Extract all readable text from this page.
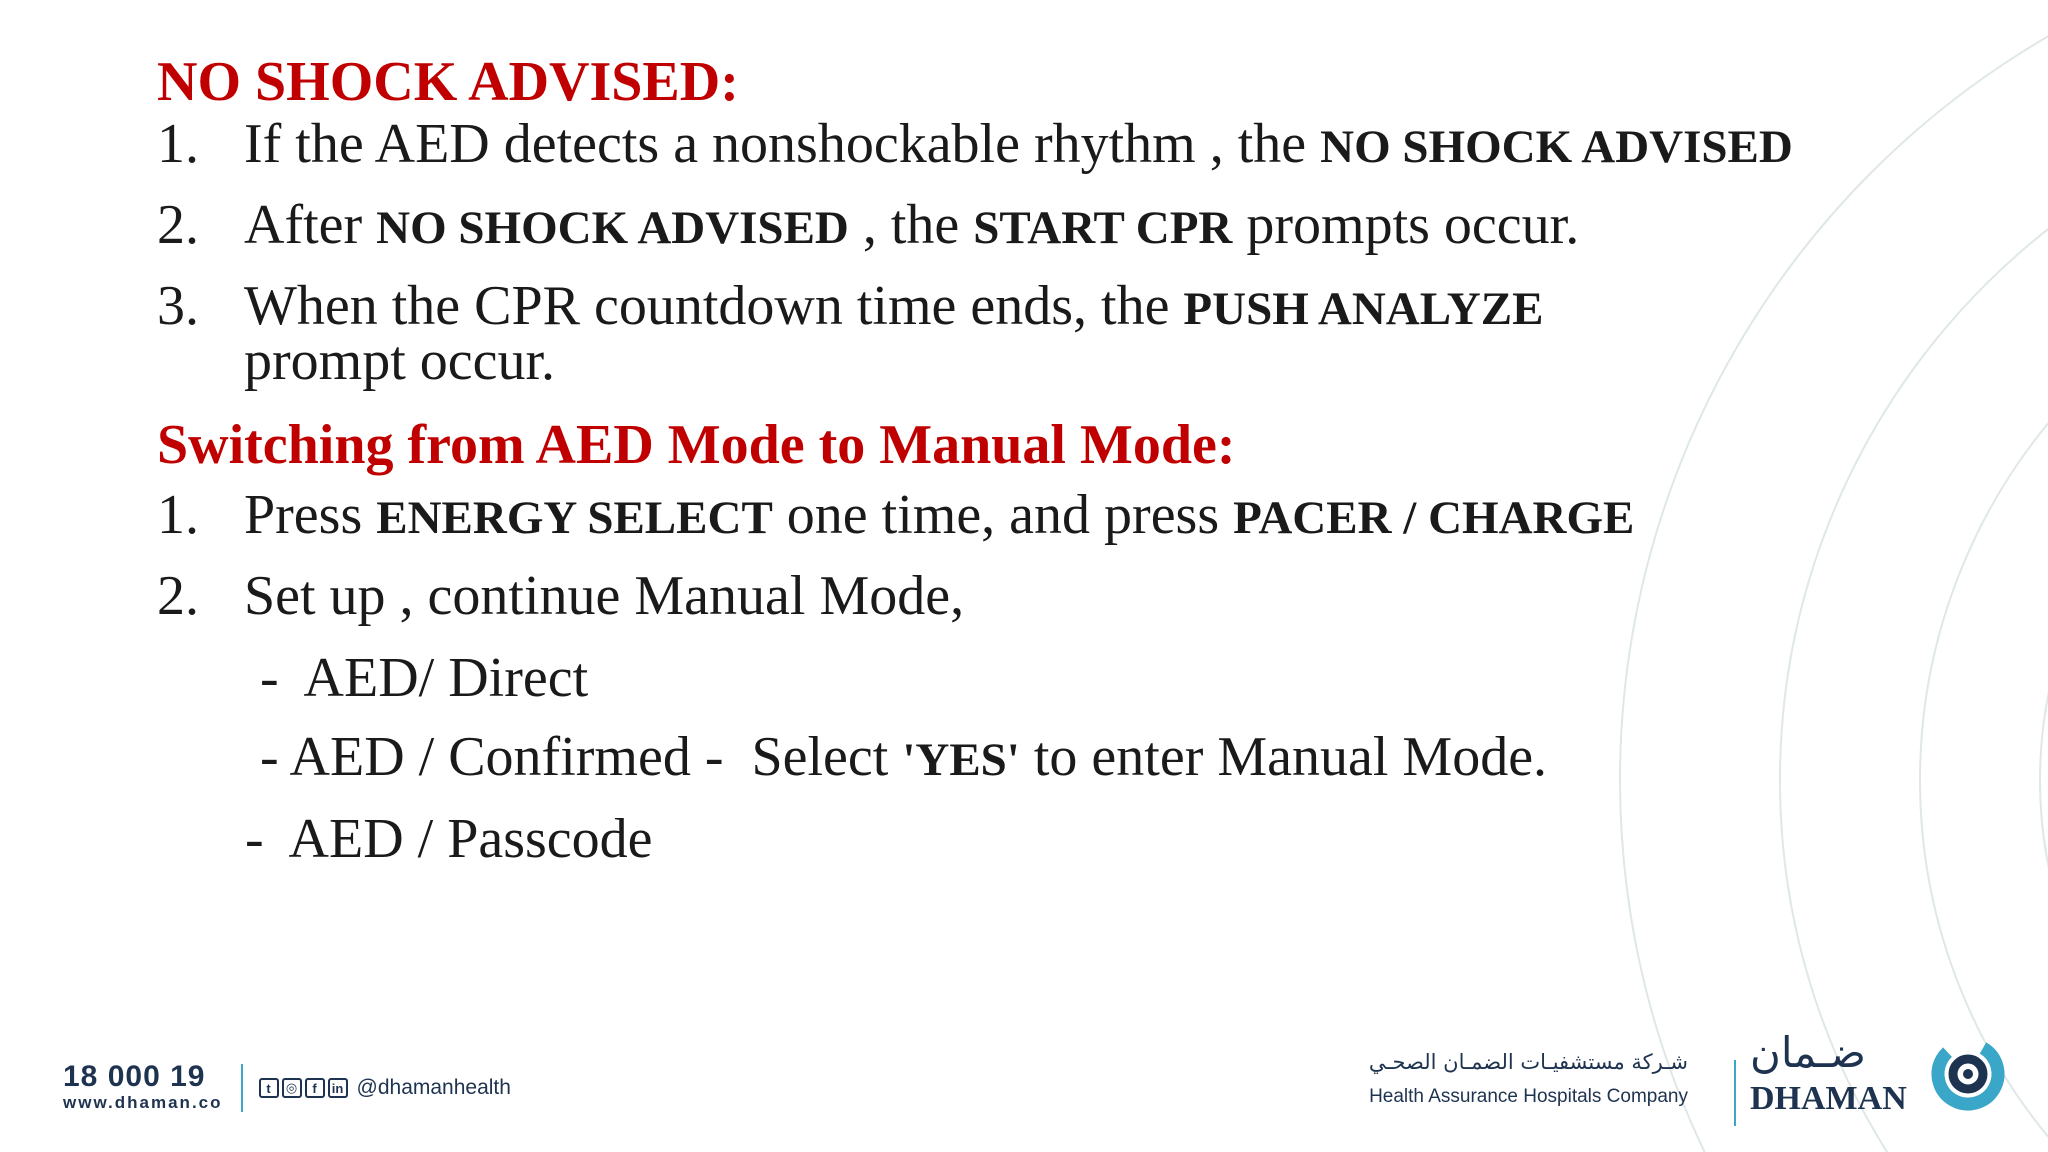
NO SHOCK ADVISED:
1. If the AED detects a nonshockable rhythm , the NO SHOCK ADVISED
2. After NO SHOCK ADVISED , the START CPR prompts occur.
3. When the CPR countdown time ends, the PUSH ANALYZE
prompt occur.
Switching from AED Mode to Manual Mode:
1. Press ENERGY SELECT one time, and press PACER / CHARGE
2. Set up , continue Manual Mode,
-  AED/ Direct
- AED / Confirmed -  Select 'YES' to enter Manual Mode.
-  AED / Passcode
18 000 19
www.dhaman.co
t	◎	f	in @dhamanhealth
شـركة مستشفيـات الضمـان الصحـي
Health Assurance Hospitals Company
ضـمان
DHAMAN
